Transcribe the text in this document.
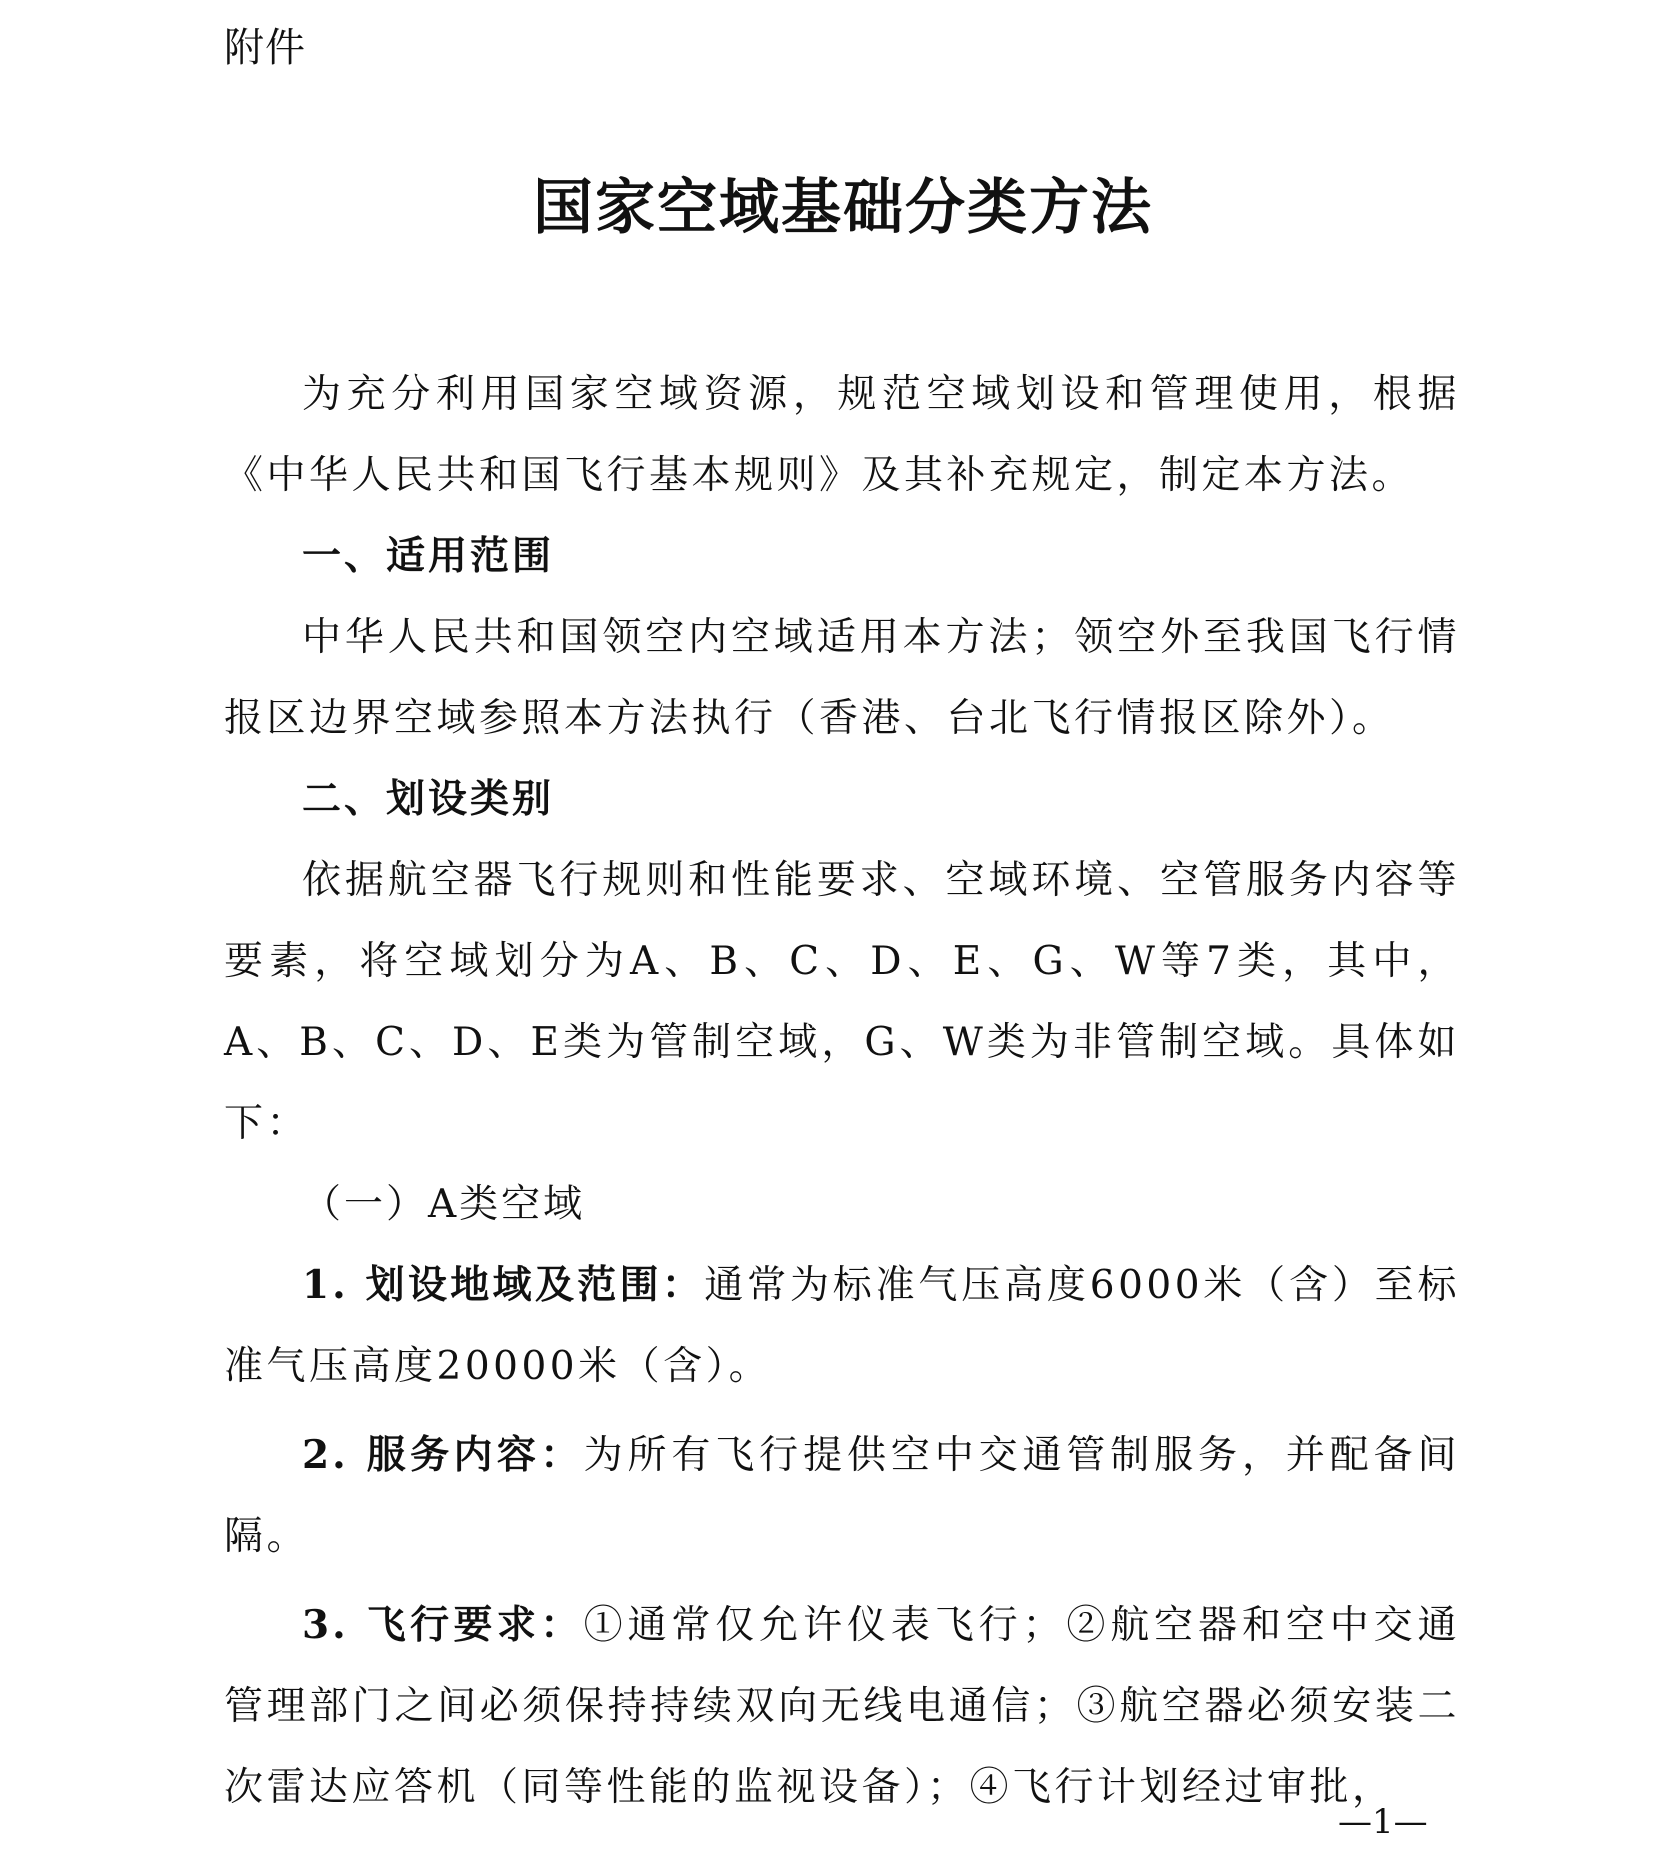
附件
国家空域基础分类方法

为充分利用国家空域资源，规范空域划设和管理使用，根据《中华人民共和国飞行基本规则》及其补充规定，制定本方法。

一、适用范围

中华人民共和国领空内空域适用本方法；领空外至我国飞行情报区边界空域参照本方法执行（香港、台北飞行情报区除外）。

二、划设类别

依据航空器飞行规则和性能要求、空域环境、空管服务内容等要素，将空域划分为A、B、C、D、E、G、W等7类，其中，A、B、C、D、E类为管制空域，G、W类为非管制空域。具体如下：

（一）A类空域

1. 划设地域及范围：通常为标准气压高度6000米（含）至标准气压高度20000米（含）。

2. 服务内容：为所有飞行提供空中交通管制服务，并配备间隔。

3. 飞行要求：①通常仅允许仪表飞行；②航空器和空中交通管理部门之间必须保持持续双向无线电通信；③航空器必须安装二次雷达应答机（同等性能的监视设备）；④飞行计划经过审批，

—1—
